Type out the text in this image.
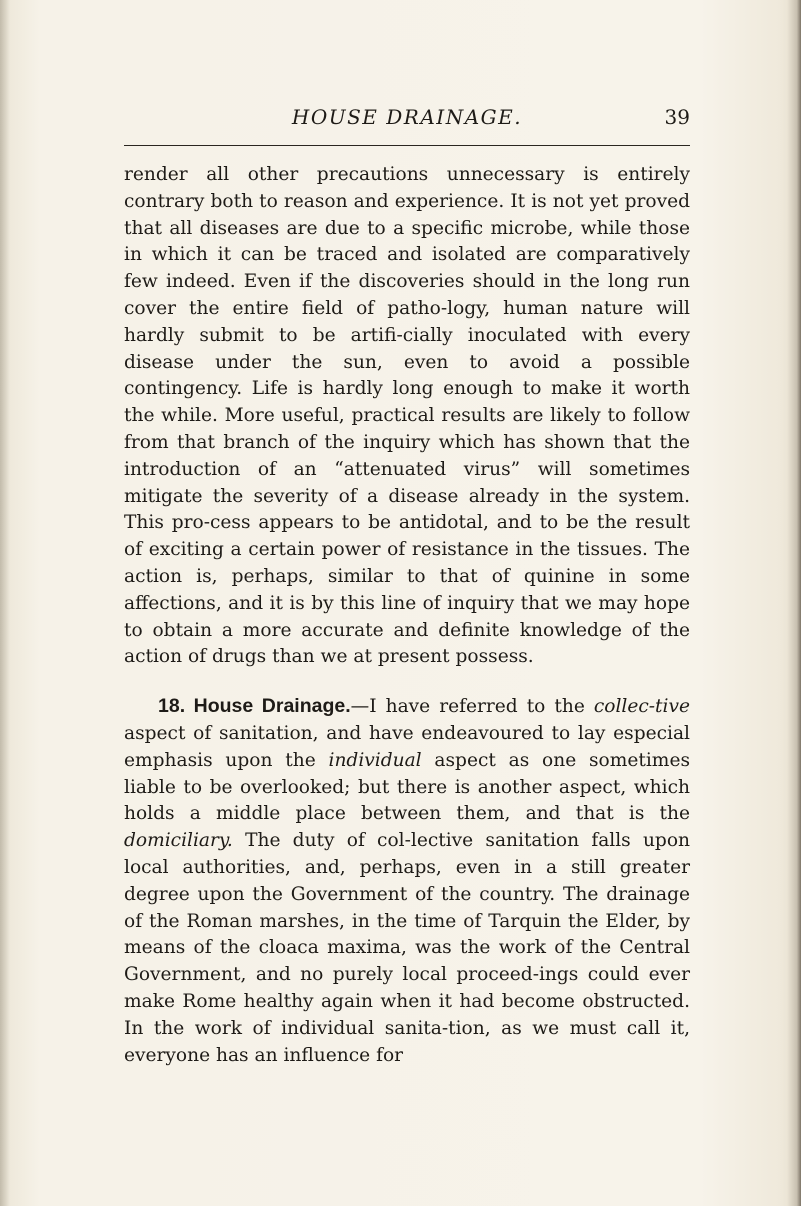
HOUSE DRAINAGE.	39

render all other precautions unnecessary is entirely contrary both to reason and experience. It is not yet proved that all diseases are due to a specific microbe, while those in which it can be traced and isolated are comparatively few indeed. Even if the discoveries should in the long run cover the entire field of patho-logy, human nature will hardly submit to be artifi-cially inoculated with every disease under the sun, even to avoid a possible contingency. Life is hardly long enough to make it worth the while. More useful, practical results are likely to follow from that branch of the inquiry which has shown that the introduction of an “attenuated virus” will sometimes mitigate the severity of a disease already in the system. This pro-cess appears to be antidotal, and to be the result of exciting a certain power of resistance in the tissues. The action is, perhaps, similar to that of quinine in some affections, and it is by this line of inquiry that we may hope to obtain a more accurate and definite knowledge of the action of drugs than we at present possess.

18. House Drainage.—I have referred to the collec-tive aspect of sanitation, and have endeavoured to lay especial emphasis upon the individual aspect as one sometimes liable to be overlooked; but there is another aspect, which holds a middle place between them, and that is the domiciliary. The duty of col-lective sanitation falls upon local authorities, and, perhaps, even in a still greater degree upon the Government of the country. The drainage of the Roman marshes, in the time of Tarquin the Elder, by means of the cloaca maxima, was the work of the Central Government, and no purely local proceed-ings could ever make Rome healthy again when it had become obstructed. In the work of individual sanita-tion, as we must call it, everyone has an influence for
